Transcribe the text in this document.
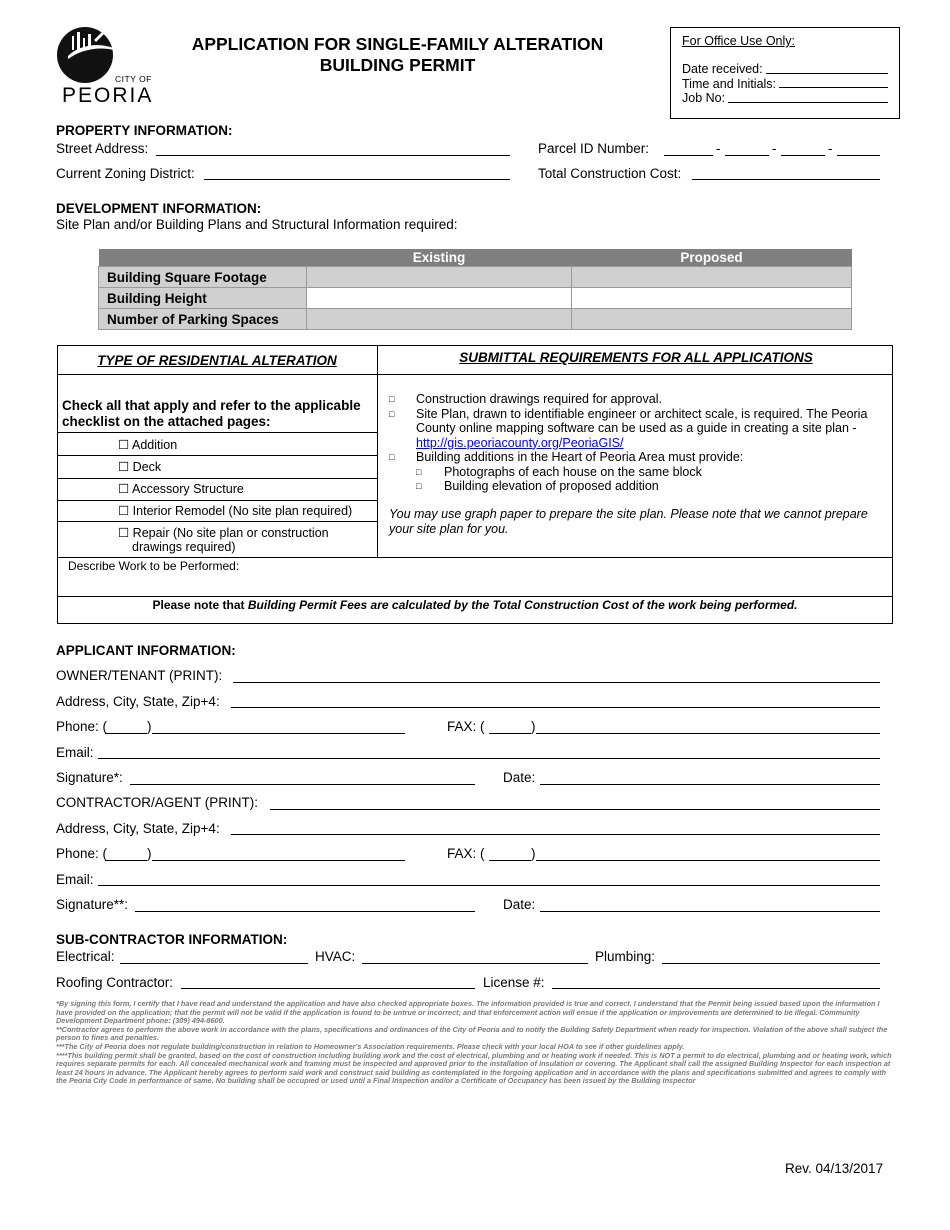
CITY OF
PEORIA
APPLICATION FOR SINGLE-FAMILY ALTERATION
BUILDING PERMIT
For Office Use Only:
Date received:
Time and Initials:
Job No:
PROPERTY INFORMATION:
Street Address:	Parcel ID Number:	-	-	-
Current Zoning District:	Total Construction Cost:
DEVELOPMENT INFORMATION:
Site Plan and/or Building Plans and Structural Information required:
	Existing	Proposed
Building Square Footage		
Building Height		
Number of Parking Spaces		
TYPE OF RESIDENTIAL ALTERATION	SUBMITTAL REQUIREMENTS FOR ALL APPLICATIONS
Check all that apply and refer to the applicable checklist on the attached pages:
☐ Addition
☐ Deck
☐ Accessory Structure
☐ Interior Remodel (No site plan required)
☐ Repair (No site plan or construction
drawings required)
□	Construction drawings required for approval.
□	Site Plan, drawn to identifiable engineer or architect scale, is required. The Peoria
County online mapping software can be used as a guide in creating a site plan -
http://gis.peoriacounty.org/PeoriaGIS/
□	Building additions in the Heart of Peoria Area must provide:
□	Photographs of each house on the same block
□	Building elevation of proposed addition
You may use graph paper to prepare the site plan. Please note that we cannot prepare your site plan for you.
Describe Work to be Performed:
Please note that Building Permit Fees are calculated by the Total Construction Cost of the work being performed.
APPLICANT INFORMATION:
OWNER/TENANT (PRINT):
Address, City, State, Zip+4:
Phone: (	)	FAX: (	)
Email:
Signature*:	Date:
CONTRACTOR/AGENT (PRINT):
Address, City, State, Zip+4:
Phone: (	)	FAX: (	)
Email:
Signature**:	Date:
SUB-CONTRACTOR INFORMATION:
Electrical:	HVAC:	Plumbing:
Roofing Contractor:	License #:

*By signing this form, I certify that I have read and understand the application and have also checked appropriate boxes. The information provided is true and correct. I understand that the Permit being issued based upon the information I have provided on the application; that the permit will not be valid if the application is found to be untrue or incorrect; and that enforcement action will ensue if the application or improvements are determined to be illegal. Community Development Department phone: (309) 494-8600.

**Contractor agrees to perform the above work in accordance with the plans, specifications and ordinances of the City of Peoria and to notify the Building Safety Department when ready for inspection. Violation of the above shall subject the person to fines and penalties.

***The City of Peoria does not regulate building/construction in relation to Homeowner's Association requirements. Please check with your local HOA to see if other guidelines apply.

****This building permit shall be granted, based on the cost of construction including building work and the cost of electrical, plumbing and or heating work if needed. This is NOT a permit to do electrical, plumbing and or heating work, which requires separate permits for each. All concealed mechanical work and framing must be inspected and approved prior to the installation of insulation or covering. The Applicant shall call the assigned Building Inspector for each inspection at least 24 hours in advance. The Applicant hereby agrees to perform said work and construct said building as contemplated in the forgoing application and in accordance with the plans and specifications submitted and agrees to comply with the Peoria City Code in performance of same. No building shall be occupied or used until a Final Inspection and/or a Certificate of Occupancy has been issued by the Building Inspector

Rev. 04/13/2017
